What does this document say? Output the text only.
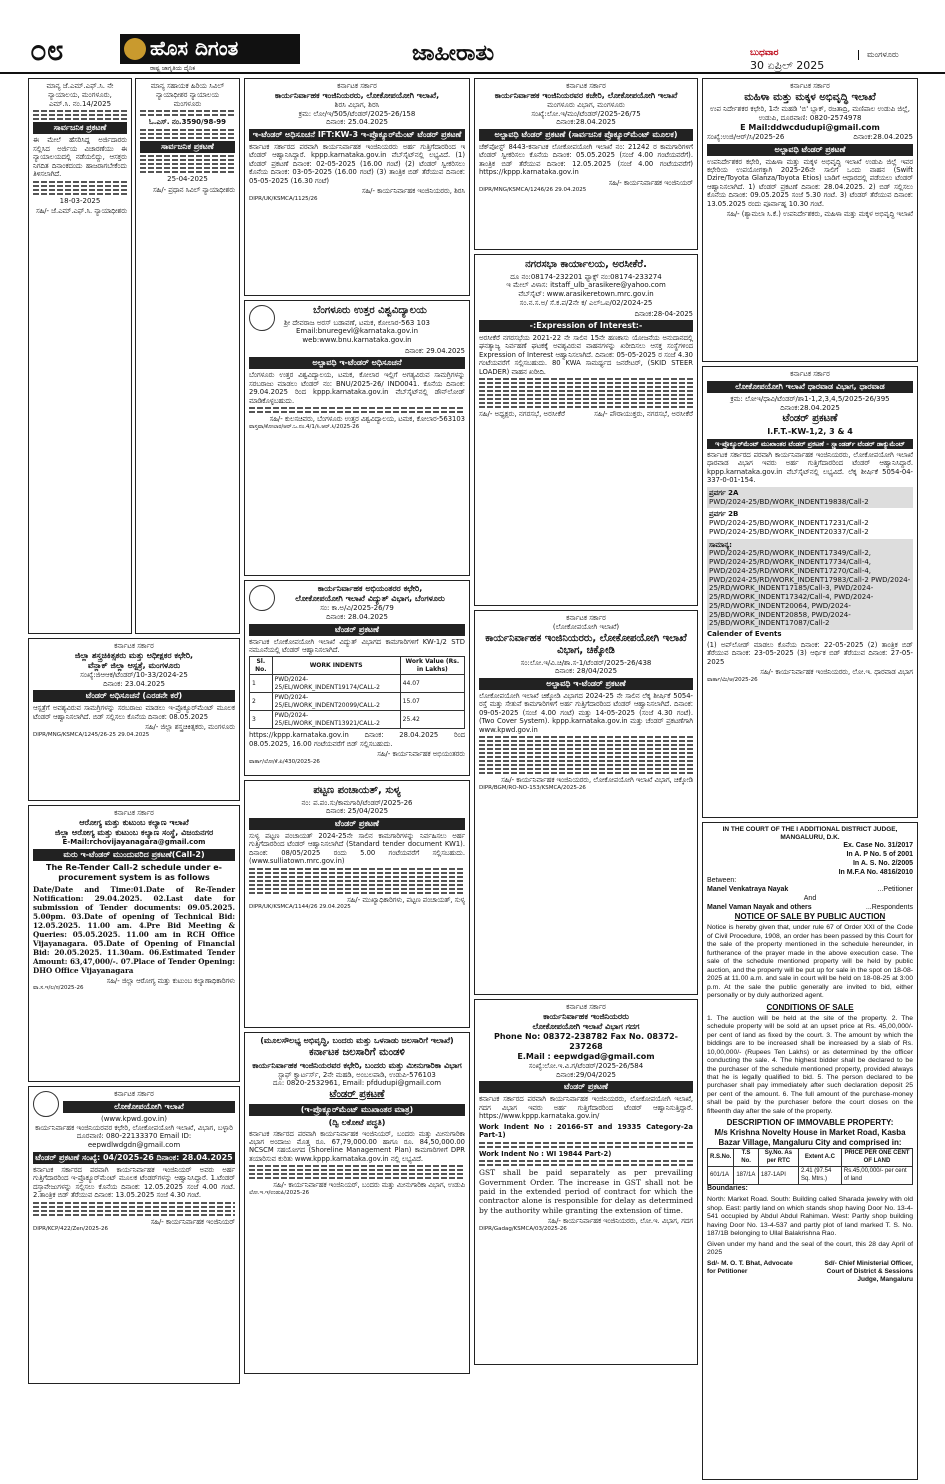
೦೮	ಹೊಸ ದಿಗಂತ
ರಾಷ್ಟ್ರ ಜಾಗೃತಿಯ ದೈನಿಕ
ಜಾಹೀರಾತು	ಬುಧವಾರ
30 ಏಪ್ರಿಲ್ 2025
ಮಂಗಳೂರು
ಮಾನ್ಯ ಜೆ.ಎಮ್.ಎಫ್.ಸಿ. ನೇ ನ್ಯಾಯಾಲಯ, ಮಂಗಳೂರು,
ಎಮ್.ಸಿ. ನಂ.14/2025
ಸಾರ್ವಜನಿಕ ಪ್ರಕಟಣೆ

ಈ ಮೇಲೆ ಹೆಸರಿಸಿದ್ದ ಅರ್ಜಿದಾರರು ಸಲ್ಲಿಸಿದ ಅರ್ಜಿಯ ವಿಚಾರಣೆಯು ಈ ನ್ಯಾಯಾಲಯದಲ್ಲಿ ನಡೆಯಲಿದ್ದು, ಆಸಕ್ತರು ನಿಗದಿತ ದಿನಾಂಕದಂದು ಹಾಜರಾಗಬೇಕೆಂದು ತಿಳಿಸಲಾಗಿದೆ.

18-03-2025
ಸಹಿ/- ಜೆ.ಎಮ್.ಎಫ್.ಸಿ. ನ್ಯಾಯಾಧೀಶರು
ಮಾನ್ಯ ಸಹಾಯಕ ಹಿರಿಯ ಸಿವಿಲ್ ನ್ಯಾಯಾಧೀಶರ ನ್ಯಾಯಾಲಯ
ಮಂಗಳೂರು
ಓ.ಎಸ್. ನಂ.3590/98-99
ಸಾರ್ವಜನಿಕ ಪ್ರಕಟಣೆ
25-04-2025
ಸಹಿ/- ಪ್ರಧಾನ ಸಿವಿಲ್ ನ್ಯಾಯಾಧೀಶರು
ಕರ್ನಾಟಕ ಸರ್ಕಾರ
ಜಿಲ್ಲಾ ಶಸ್ತ್ರಚಿಕಿತ್ಸಕರು ಮತ್ತು ಅಧೀಕ್ಷಕರ ಕಛೇರಿ,
ವೆನ್ಲಾಕ್ ಜಿಲ್ಲಾ ಆಸ್ಪತ್ರೆ, ಮಂಗಳೂರು
ಸಂಖ್ಯೆ:ಜಿಆಆಕ/ಟೆಂಡರ್/10-33/2024-25
ದಿನಾಂಕ: 23.04.2025
ಟೆಂಡರ್ ಅಧಿಸೂಚನೆ (ಎರಡನೇ ಕರೆ)

ಆಸ್ಪತ್ರೆಗೆ ಅವಶ್ಯವಿರುವ ಸಾಮಗ್ರಿಗಳನ್ನು ಸರಬರಾಜು ಮಾಡಲು ಇ-ಪ್ರೊಕ್ಯೂರ್‌ಮೆಂಟ್ ಮೂಲಕ ಟೆಂಡರ್ ಆಹ್ವಾನಿಸಲಾಗಿದೆ. ಬಿಡ್ ಸಲ್ಲಿಸಲು ಕೊನೆಯ ದಿನಾಂಕ: 08.05.2025

ಸಹಿ/- ಜಿಲ್ಲಾ ಶಸ್ತ್ರಚಿಕಿತ್ಸಕರು, ಮಂಗಳೂರು
DIPR/MNG/KSMCA/1245/26-25 29.04.2025
ಕರ್ನಾಟಕ ಸರ್ಕಾರ
ಆರೋಗ್ಯ ಮತ್ತು ಕುಟುಂಬ ಕಲ್ಯಾಣ ಇಲಾಖೆ
ಜಿಲ್ಲಾ ಆರೋಗ್ಯ ಮತ್ತು ಕುಟುಂಬ ಕಲ್ಯಾಣ ಸಂಸ್ಥೆ, ವಿಜಯನಗರ
E-Mail:rchovijayanagara@gmail.com
ಮರು ಇ-ಟೆಂಡರ್ ಮುಂದುವರಿದ ಪ್ರಕಟಣೆ(Call-2)
The Re-Tender Call-2 schedule under e-procurement system is as follows

Date/Date and Time:01.Date of Re-Tender Notification: 29.04.2025. 02.Last date for submission of Tender documents: 09.05.2025. 5.00pm. 03.Date of opening of Technical Bid: 12.05.2025. 11.00 am. 4.Pre Bid Meeting & Queries: 05.05.2025. 11.00 am in RCH Office Vijayanagara. 05.Date of Opening of Financial Bid: 20.05.2025. 11.30am. 06.Estimated Tender Amount: 63,47,000/-. 07.Place of Tender Opening: DHO Office Vijayanagara

ಸಹಿ/- ಜಿಲ್ಲಾ ಆರೋಗ್ಯ ಮತ್ತು ಕುಟುಂಬ ಕಲ್ಯಾಣಾಧಿಕಾರಿಗಳು
ವಾ.ಸ.ಇ/ಲ/ಸ/2025-26
ಕರ್ನಾಟಕ ಸರ್ಕಾರ
ಲೋಕೋಪಯೋಗಿ ಇಲಾಖೆ
(www.kpwd.gov.in)
ಕಾರ್ಯನಿರ್ವಾಹಕ ಇಂಜಿನಿಯರವರ ಕಛೇರಿ, ಲೋಕೋಪಯೋಗಿ ಇಲಾಖೆ, ವಿಭಾಗ, ಬಳ್ಳಾರಿ
ದೂರವಾಣಿ: 080-22133370 Email ID: eepwdlwdgdn@gmail.com
ಟೆಂಡರ್ ಪ್ರಕಟಣೆ ಸಂಖ್ಯೆ: 04/2025-26 ದಿನಾಂಕ: 28.04.2025

ಕರ್ನಾಟಕ ಸರ್ಕಾರದ ಪರವಾಗಿ ಕಾರ್ಯನಿರ್ವಾಹಕ ಇಂಜಿನಿಯರ್ ಅವರು ಅರ್ಹ ಗುತ್ತಿಗೆದಾರರಿಂದ ಇ-ಪ್ರೊಕ್ಯೂರ್‌ಮೆಂಟ್ ಮೂಲಕ ಟೆಂಡರ್‌ಗಳನ್ನು ಆಹ್ವಾನಿಸಿದ್ದಾರೆ. 1.ಟೆಂಡರ್ ದಸ್ತಾವೇಜುಗಳನ್ನು ಸಲ್ಲಿಸಲು ಕೊನೆಯ ದಿನಾಂಕ: 12.05.2025 ಸಂಜೆ 4.00 ಗಂಟೆ. 2.ತಾಂತ್ರಿಕ ಬಿಡ್ ತೆರೆಯುವ ದಿನಾಂಕ: 13.05.2025 ಸಂಜೆ 4.30 ಗಂಟೆ.

ಸಹಿ/- ಕಾರ್ಯನಿರ್ವಾಹಕ ಇಂಜಿನಿಯರ್
DIPR/KCP/422/Zen/2025-26
ಕರ್ನಾಟಕ ಸರ್ಕಾರ
ಕಾರ್ಯನಿರ್ವಾಹಕ ಇಂಜಿನಿಯರರು, ಲೋಕೋಪಯೋಗಿ ಇಲಾಖೆ,
ಶಿರಸಿ ವಿಭಾಗ, ಶಿರಸಿ
ಕ್ರಮ: ಲೋ/ಇ/505/ಟೆಂಡರ್/2025-26/158
ದಿನಾಂಕ: 25.04.2025
ಇ-ಟೆಂಡರ್ ಅಧಿಸೂಚನೆ IFT:KW-3 ಇ-ಪ್ರೊಕ್ಯೂರ್‌ಮೆಂಟ್ ಟೆಂಡರ್ ಪ್ರಕಟಣೆ

ಕರ್ನಾಟಕ ಸರ್ಕಾರದ ಪರವಾಗಿ ಕಾರ್ಯನಿರ್ವಾಹಕ ಇಂಜಿನಿಯರರು ಅರ್ಹ ಗುತ್ತಿಗೆದಾರರಿಂದ ಇ ಟೆಂಡರ್ ಆಹ್ವಾನಿಸಿದ್ದಾರೆ. kppp.karnataka.gov.in ವೆಬ್‌ಸೈಟ್‌ನಲ್ಲಿ ಲಭ್ಯವಿದೆ. (1) ಟೆಂಡರ್ ಪ್ರಕಟಣೆ ದಿನಾಂಕ: 02-05-2025 (16.00 ಗಂಟೆ) (2) ಟೆಂಡರ್ ಸ್ವೀಕರಿಸಲು ಕೊನೆಯ ದಿನಾಂಕ: 03-05-2025 (16.00 ಗಂಟೆ) (3) ತಾಂತ್ರಿಕ ಬಿಡ್ ತೆರೆಯುವ ದಿನಾಂಕ: 05-05-2025 (16.30 ಗಂಟೆ)

ಸಹಿ/- ಕಾರ್ಯನಿರ್ವಾಹಕ ಇಂಜಿನಿಯರರು, ಶಿರಸಿ
DIPR/UK/KSMCA/1125/26
ಬೆಂಗಳೂರು ಉತ್ತರ ವಿಶ್ವವಿದ್ಯಾಲಯ
ಶ್ರೀ ದೇವರಾಜ ಅರಸ್ ಬಡಾವಣೆ, ಟಮಕ, ಕೋಲಾರ-563 103
Email:bnuregevl@karnataka.gov.in
web:www.bnu.karnataka.gov.in
ದಿನಾಂಕ: 29.04.2025
ಅಲ್ಪಾವಧಿ ಇ-ಟೆಂಡರ್ ಅಧಿಸೂಚನೆ

ಬೆಂಗಳೂರು ಉತ್ತರ ವಿಶ್ವವಿದ್ಯಾಲಯ, ಟಮಕ, ಕೋಲಾರ ಇಲ್ಲಿಗೆ ಅಗತ್ಯವಿರುವ ಸಾಮಗ್ರಿಗಳನ್ನು ಸರಬರಾಜು ಮಾಡಲು ಟೆಂಡರ್ ನಂ: BNU/2025-26/ IND0041. ಕೊನೆಯ ದಿನಾಂಕ: 29.04.2025 ರಿಂದ kppp.karnataka.gov.in ವೆಬ್‌ಸೈಟ್‌ನಲ್ಲಿ ಡೌನ್‌ಲೋಡ್ ಮಾಡಿಕೊಳ್ಳಬಹುದು.

ಸಹಿ/- ಕುಲಸಚಿವರು, ಬೆಂಗಳೂರು ಉತ್ತರ ವಿಶ್ವವಿದ್ಯಾಲಯ, ಟಮಕ, ಕೋಲಾರ-563103
ವಾಸ್ತವಾ/ಕೋಲಾರ/ಆರ್.ಒ.ನಂ.4/1/ಸಿ.ಆರ್.ಸಿ/2025-26
ಕಾರ್ಯನಿರ್ವಾಹಕ ಅಭಿಯಂತರರ ಕಛೇರಿ,
ಲೋಕೋಪಯೋಗಿ ಇಲಾಖೆ ವಿದ್ಯುತ್ ವಿಭಾಗ, ಬೆಂಗಳೂರು
ಸಂ: ಕಾ.ಅ/ವಿ/2025-26/79
ದಿನಾಂಕ: 28.04.2025
ಟೆಂಡರ್ ಪ್ರಕಟಣೆ

ಕರ್ನಾಟಕ ಲೋಕೋಪಯೋಗಿ ಇಲಾಖೆ ವಿದ್ಯುತ್ ವಿಭಾಗದ ಕಾಮಗಾರಿಗಳಿಗೆ KW-1/2 STD ನಮೂನೆಯಲ್ಲಿ ಟೆಂಡರ್ ಆಹ್ವಾನಿಸಲಾಗಿದೆ.

Sl. No.	WORK INDENTS	Work Value (Rs. in Lakhs)
1	PWD/2024-25/EL/WORK_INDENT19174/CALL-2	44.07
2	PWD/2024-25/EL/WORK_INDENT20099/CALL-2	15.07
3	PWD/2024-25/EL/WORK_INDENT13921/CALL-2	25.42

https://kppp.karnataka.gov.in ದಿನಾಂಕ: 28.04.2025 ರಿಂದ 08.05.2025, 16.00 ಗಂಟೆಯವರೆಗೆ ಬಿಡ್ ಸಲ್ಲಿಸಬಹುದು.

ಸಹಿ/- ಕಾರ್ಯನಿರ್ವಾಹಕ ಅಭಿಯಂತರರು
ವಾರ್ತಾ/ಲೋ/ಕೆ.ಪಿ/430/2025-26
ಪಟ್ಟಣ ಪಂಚಾಯತ್, ಸುಳ್ಯ
ನಂ: ಪ.ಪಂ.ಸು/ಕಾಮಗಾರಿ/ಟೆಂಡರ್/2025-26
ದಿನಾಂಕ: 25/04/2025
ಟೆಂಡರ್ ಪ್ರಕಟಣೆ

ಸುಳ್ಯ ಪಟ್ಟಣ ಪಂಚಾಯತ್ 2024-25ನೇ ಸಾಲಿನ ಕಾಮಗಾರಿಗಳನ್ನು ನಿರ್ವಹಿಸಲು ಅರ್ಹ ಗುತ್ತಿಗೆದಾರರಿಂದ ಟೆಂಡರ್ ಆಹ್ವಾನಿಸಲಾಗಿದೆ (Standard tender document KW1). ದಿನಾಂಕ: 08/05/2025 ರಂದು 5.00 ಗಂಟೆಯವರೆಗೆ ಸಲ್ಲಿಸಬಹುದು. (www.sulliatown.mrc.gov.in)

ಸಹಿ/- ಮುಖ್ಯಾಧಿಕಾರಿಗಳು, ಪಟ್ಟಣ ಪಂಚಾಯತ್, ಸುಳ್ಯ
DIPR/UK/KSMCA/1144/26 29.04.2025
(ಮೂಲಸೌಲಭ್ಯ ಅಭಿವೃದ್ಧಿ, ಬಂದರು ಮತ್ತು ಒಳನಾಡು ಜಲಸಾರಿಗೆ ಇಲಾಖೆ)
ಕರ್ನಾಟಕ ಜಲಸಾರಿಗೆ ಮಂಡಳಿ
ಕಾರ್ಯನಿರ್ವಾಹಕ ಇಂಜಿನಿಯರವರ ಕಛೇರಿ, ಬಂದರು ಮತ್ತು ಮೀನುಗಾರಿಕಾ ವಿಭಾಗ
ಸ್ಟಾಫ್ ಕ್ವಾರ್ಟರ್ಸ್, 2ನೇ ಮಹಡಿ, ಅಂಬಲಪಾಡಿ, ಉಡುಪಿ-576103
ದೂ: 0820-2532961, Email: pfdudupi@gmail.com
ಟೆಂಡರ್ ಪ್ರಕಟಣೆ
(ಇ-ಪ್ರೊಕ್ಯೂರ್‌ಮೆಂಟ್ ಮುಖಾಂತರ ಮಾತ್ರ)
(ದ್ವಿ ಲಕೋಟೆ ಪದ್ಧತಿ)

ಕರ್ನಾಟಕ ಸರ್ಕಾರದ ಪರವಾಗಿ ಕಾರ್ಯನಿರ್ವಾಹಕ ಇಂಜಿನಿಯರ್, ಬಂದರು ಮತ್ತು ಮೀನುಗಾರಿಕಾ ವಿಭಾಗ ಅಂದಾಜು ಮೊತ್ತ ರೂ. 67,79,000.00 ಹಾಗೂ ರೂ. 84,50,000.00 NCSCM ಸಹಯೋಗದ (Shoreline Management Plan) ಕಾಮಗಾರಿಗಳಿಗೆ DPR ತಯಾರಿಸುವ ಕುರಿತು www.kppp.karnataka.gov.in ನಲ್ಲಿ ಲಭ್ಯವಿದೆ.

ಸಹಿ/- ಕಾರ್ಯನಿರ್ವಾಹಕ ಇಂಜಿನಿಯರ್, ಬಂದರು ಮತ್ತು ಮೀನುಗಾರಿಕಾ ವಿಭಾಗ, ಉಡುಪಿ
ಲೋ.ಇ.ಇ/ಉಡುಪಿ/2025-26
ಕರ್ನಾಟಕ ಸರ್ಕಾರ
ಕಾರ್ಯನಿರ್ವಾಹಕ ಇಂಜಿನಿಯರವರ ಕಚೇರಿ, ಲೋಕೋಪಯೋಗಿ ಇಲಾಖೆ
ಮಂಗಳೂರು ವಿಭಾಗ, ಮಂಗಳೂರು
ಸಂಖ್ಯೆ:ಲೋ.ಇ/ಮಂ/ಟೆಂಡರ್/2025-26/75
ದಿನಾಂಕ:28.04.2025
ಅಲ್ಪಾವಧಿ ಟೆಂಡರ್ ಪ್ರಕಟಣೆ (ಸಾರ್ವಜನಿಕ ಪ್ರೊಕ್ಯೂರ್‌ಮೆಂಟ್ ಮೂಲಕ)

ಚೆಕ್‌ಪೋಸ್ಟ್ 8443-ಕರ್ನಾಟಕ ಲೋಕೋಪಯೋಗಿ ಇಲಾಖೆ ನಂ: 21242 ರ ಕಾಮಗಾರಿಗಳಿಗೆ ಟೆಂಡರ್ ಸ್ವೀಕರಿಸಲು ಕೊನೆಯ ದಿನಾಂಕ: 05.05.2025 (ಸಂಜೆ 4.00 ಗಂಟೆಯವರೆಗೆ). ತಾಂತ್ರಿಕ ಬಿಡ್ ತೆರೆಯುವ ದಿನಾಂಕ: 12.05.2025 (ಸಂಜೆ 4.00 ಗಂಟೆಯವರೆಗೆ) https://kppp.karnataka.gov.in

ಸಹಿ/- ಕಾರ್ಯನಿರ್ವಾಹಕ ಇಂಜಿನಿಯರ್
DIPR/MNG/KSMCA/1246/26 29.04.2025
ನಗರಸಭಾ ಕಾರ್ಯಾಲಯ, ಅರಸೀಕೆರೆ.
ದೂ ನಂ:08174-232201 ಫ್ಯಾಕ್ಸ್ ನಂ:08174-233274
ಇ ಮೇಲ್ ವಿಳಾಸ: itstaff_ulb_arasikere@yahoo.com
ವೆಬ್‌ಸೈಟ್: www.arasikeretown.mrc.gov.in
ಸಂ.ನ.ಸ.ಅ/ ಸೆ.ಕ.ಪ/2ನೇ ಕ/ ಎಲ್ಒಐ/02/2024-25
ದಿನಾಂಕ:28-04-2025
-:Expression of Interest:-

ಅರಸೀಕೆರೆ ನಗರಸಭೆಯ 2021-22 ನೇ ಸಾಲಿನ 15ನೇ ಹಣಕಾಸು ಯೋಜನೆಯ ಅನುದಾನದಲ್ಲಿ ಘನತ್ಯಾಜ್ಯ ನಿರ್ವಹಣೆ ಘಟಕಕ್ಕೆ ಅವಶ್ಯವಿರುವ ವಾಹನಗಳನ್ನು ಖರೀದಿಸಲು ಆಸಕ್ತ ಸಂಸ್ಥೆಗಳಿಂದ Expression of Interest ಆಹ್ವಾನಿಸಲಾಗಿದೆ. ದಿನಾಂಕ: 05-05-2025 ರ ಸಂಜೆ 4.30 ಗಂಟೆಯವರೆಗೆ ಸಲ್ಲಿಸಬಹುದು. 80 KWA ಸಾಮರ್ಥ್ಯದ ಜನರೇಟರ್, (SKID STEER LOADER) ವಾಹನ ಖರೀದಿ.

ಸಹಿ/- ಅಧ್ಯಕ್ಷರು, ನಗರಸಭೆ, ಅರಸೀಕೆರೆ	ಸಹಿ/- ಪೌರಾಯುಕ್ತರು, ನಗರಸಭೆ, ಅರಸೀಕೆರೆ
ಕರ್ನಾಟಕ ಸರ್ಕಾರ
(ಲೋಕೋಪಯೋಗಿ ಇಲಾಖೆ)
ಕಾರ್ಯನಿರ್ವಾಹಕ ಇಂಜಿನಿಯರರು, ಲೋಕೋಪಯೋಗಿ ಇಲಾಖೆ ವಿಭಾಗ, ಚಿಕ್ಕೋಡಿ
ಸಂ:ಲೋ.ಇ/ವಿ.ಚಿ/ಶಾ.ಸ-1/ಟೆಂಡರ್/2025-26/438
ದಿನಾಂಕ: 28/04/2025
ಅಲ್ಪಾವಧಿ ಇ-ಟೆಂಡರ್ ಪ್ರಕಟಣೆ

ಲೋಕೋಪಯೋಗಿ ಇಲಾಖೆ ಚಿಕ್ಕೋಡಿ ವಿಭಾಗದ 2024-25 ನೇ ಸಾಲಿನ ಲೆಕ್ಕ ಶೀರ್ಷಿಕೆ 5054-ರಸ್ತೆ ಮತ್ತು ಸೇತುವೆ ಕಾಮಗಾರಿಗಳಿಗೆ ಅರ್ಹ ಗುತ್ತಿಗೆದಾರರಿಂದ ಟೆಂಡರ್ ಆಹ್ವಾನಿಸಲಾಗಿದೆ. ದಿನಾಂಕ: 09-05-2025 (ಸಂಜೆ 4.00 ಗಂಟೆ) ಮತ್ತು 14-05-2025 (ಸಂಜೆ 4.30 ಗಂಟೆ). (Two Cover System). kppp.karnataka.gov.in ಮತ್ತು ಚೆಂಡರ್ ಪ್ರಕಟಣೆಗಾಗಿ www.kpwd.gov.in

ಸಹಿ/- ಕಾರ್ಯನಿರ್ವಾಹಕ ಇಂಜಿನಿಯರರು, ಲೋಕೋಪಯೋಗಿ ಇಲಾಖೆ ವಿಭಾಗ, ಚಿಕ್ಕೋಡಿ
DIPR/BGM/RO-NO-153/KSMCA/2025-26
ಕರ್ನಾಟಕ ಸರ್ಕಾರ
ಕಾರ್ಯನಿರ್ವಾಹಕ ಇಂಜಿನಿಯರರು
ಲೋಕೋಪಯೋಗಿ ಇಲಾಖೆ ವಿಭಾಗ ಗದಗ
Phone No: 08372-238782 Fax No. 08372-237268
E.Mail : eepwdgad@gmail.com
ಸಂಖ್ಯೆ:ಲೋ.ಇ.ವಿ.ಗ/ಟೆಂಡರ್/2025-26/584
ದಿನಾಂಕ:29/04/2025
ಟೆಂಡರ್ ಪ್ರಕಟಣೆ

ಕರ್ನಾಟಕ ಸರ್ಕಾರದ ಪರವಾಗಿ ಕಾರ್ಯನಿರ್ವಾಹಕ ಇಂಜಿನಿಯರರು, ಲೋಕೋಪಯೋಗಿ ಇಲಾಖೆ, ಗದಗ ವಿಭಾಗ ಇವರು ಅರ್ಹ ಗುತ್ತಿಗೆದಾರರಿಂದ ಟೆಂಡರ್ ಆಹ್ವಾನಿಸುತ್ತಿದ್ದಾರೆ. https://www.kppp.karnataka.gov.in/

Work Indent No : 20166-ST and 19335 Category-2a Part-1)

Work Indent No : WI 19844 Part-2)

GST shall be paid separately as per prevailing Government Order. The increase in GST shall not be paid in the extended period of contract for which the contractor alone is responsible for delay as determined by the authority while granting the extension of time.

ಸಹಿ/- ಕಾರ್ಯನಿರ್ವಾಹಕ ಇಂಜಿನಿಯರರು, ಲೋ.ಇ. ವಿಭಾಗ, ಗದಗ
DIPR/Gadag/KSMCA/03/2025-26
ಕರ್ನಾಟಕ ಸರ್ಕಾರ
ಮಹಿಳಾ ಮತ್ತು ಮಕ್ಕಳ ಅಭಿವೃದ್ಧಿ ಇಲಾಖೆ
ಉಪ ನಿರ್ದೇಶಕರ ಕಛೇರಿ, 1ನೇ ಮಹಡಿ 'ಬಿ' ಬ್ಲಾಕ್, ರಜತಾದ್ರಿ, ಮಣಿಪಾಲ ಉಡುಪಿ ಜಿಲ್ಲೆ, ಉಡುಪಿ, ದೂರವಾಣಿ: 0820-2574978
E Mail:ddwcdudupi@gmail.com
ಸಂಖ್ಯೆ:ಉಜಿ/ಆರ್/ಸಿ/2025-26	ದಿನಾಂಕ:28.04.2025
ಅಲ್ಪಾವಧಿ ಟೆಂಡರ್ ಪ್ರಕಟಣೆ

ಉಪನಿರ್ದೇಶಕರ ಕಛೇರಿ, ಮಹಿಳಾ ಮತ್ತು ಮಕ್ಕಳ ಅಭಿವೃದ್ಧಿ ಇಲಾಖೆ ಉಡುಪಿ ಜಿಲ್ಲೆ ಇವರ ಕಛೇರಿಯ ಉಪಯೋಗಕ್ಕಾಗಿ 2025-26ನೇ ಸಾಲಿಗೆ ಒಂದು ವಾಹನ (Swift Dzire/Toyota Glanza/Toyota Etios) ಬಾಡಿಗೆ ಆಧಾರದಲ್ಲಿ ಪಡೆಯಲು ಟೆಂಡರ್ ಆಹ್ವಾನಿಸಲಾಗಿದೆ. 1) ಟೆಂಡರ್ ಪ್ರಕಟಣೆ ದಿನಾಂಕ: 28.04.2025. 2) ಬಿಡ್ ಸಲ್ಲಿಸಲು ಕೊನೆಯ ದಿನಾಂಕ: 09.05.2025 ಸಂಜೆ 5.30 ಗಂಟೆ. 3) ಟೆಂಡರ್ ತೆರೆಯುವ ದಿನಾಂಕ: 13.05.2025 ರಂದು ಪೂರ್ವಾಹ್ನ 10.30 ಗಂಟೆ.

ಸಹಿ/- (ಶ್ಯಾಮಲಾ ಸಿ.ಕೆ.) ಉಪನಿರ್ದೇಶಕರು, ಮಹಿಳಾ ಮತ್ತು ಮಕ್ಕಳ ಅಭಿವೃದ್ಧಿ ಇಲಾಖೆ
ಕರ್ನಾಟಕ ಸರ್ಕಾರ
ಲೋಕೋಪಯೋಗಿ ಇಲಾಖೆ ಧಾರವಾಡ ವಿಭಾಗ, ಧಾರವಾಡ
ಕ್ರಮ: ಲೋಇ/ಧಾವಿ/ಟೆಂಡರ್/ಶಾ1-1,2,3,4,5/2025-26/395
ದಿನಾಂಕ:28.04.2025
ಟೆಂಡರ್ ಪ್ರಕಟಣೆ
I.F.T.-KW-1,2, 3 & 4
ಇ-ಪ್ರೊಕ್ಯೂರ್‌ಮೆಂಟ್ ಮುಖಾಂತರ ಟೆಂಡರ್ ಪ್ರಕಟಣೆ - ಸ್ಟ್ಯಾಂಡರ್ಡ್ ಟೆಂಡರ್ ಡಾಕ್ಯುಮೆಂಟ್

ಕರ್ನಾಟಕ ಸರ್ಕಾರದ ಪರವಾಗಿ ಕಾರ್ಯನಿರ್ವಾಹಕ ಇಂಜಿನಿಯರರು, ಲೋಕೋಪಯೋಗಿ ಇಲಾಖೆ ಧಾರವಾಡ ವಿಭಾಗ ಇವರು ಅರ್ಹ ಗುತ್ತಿಗೆದಾರರಿಂದ ಟೆಂಡರ್ ಆಹ್ವಾನಿಸಿದ್ದಾರೆ. kppp.karnataka.gov.in ವೆಬ್‌ಸೈಟ್‌ನಲ್ಲಿ ಲಭ್ಯವಿದೆ. ಲೆಕ್ಕ ಶೀರ್ಷಿಕೆ 5054-04-337-0-01-154.

ಪ್ರವರ್ಗ 2A
PWD/2024-25/BD/WORK_INDENT19838/Call-2
ಪ್ರವರ್ಗ 2B
PWD/2024-25/BD/WORK_INDENT17231/Call-2
PWD/2024-25/BD/WORK_INDENT20337/Call-2
ಸಾಮಾನ್ಯ:
PWD/2024-25/RD/WORK_INDENT17349/Call-2, PWD/2024-25/RD/WORK_INDENT17734/Call-4, PWD/2024-25/RD/WORK_INDENT17270/Call-4, PWD/2024-25/RD/WORK_INDENT17983/Call-2 PWD/2024-25/RD/WORK_INDENT17185/Call-3, PWD/2024-25/RD/WORK_INDENT17342/Call-4, PWD/2024-25/RD/WORK_INDENT20064, PWD/2024-25/BD/WORK_INDENT20858, PWD/2024-25/BD/WORK_INDENT17087/Call-2
Calender of Events

(1) ಅಪ್‌ಲೋಡ್ ಮಾಡಲು ಕೊನೆಯ ದಿನಾಂಕ: 22-05-2025 (2) ತಾಂತ್ರಿಕ ಬಿಡ್ ತೆರೆಯುವ ದಿನಾಂಕ: 23-05-2025 (3) ಆರ್ಥಿಕ ಬಿಡ್ ತೆರೆಯುವ ದಿನಾಂಕ: 27-05-2025

ಸಹಿ/- ಕಾರ್ಯನಿರ್ವಾಹಕ ಇಂಜಿನಿಯರರು, ಲೋ.ಇ. ಧಾರವಾಡ ವಿಭಾಗ
ವಾರ್ತಾ/ಮಿ/ಆ/2025-26
IN THE COURT OF THE I ADDITIONAL DISTRICT JUDGE, MANGALURU, D.K.
Ex. Case No. 31/2017
In A. P No. 5 of 2001
In A. S. No. 2/2005
In M.F.A No. 4816/2010
Between:
Manel Venkatraya Nayak	...Petitioner
And
Manel Vaman Nayak and others	...Respondents
NOTICE OF SALE BY PUBLIC AUCTION

Notice is hereby given that, under rule 67 of Order XXI of the Code of Civil Procedure, 1908, an order has been passed by this Court for the sale of the property mentioned in the schedule hereunder, in furtherance of the prayer made in the above execution case. The sale of the schedule mentioned property will be held by public auction, and the property will be put up for sale in the spot on 18-08-2025 at 11.00 a.m. and sale in court will be held on 18-08-25 at 3:00 p.m. At the sale the public generally are invited to bid, either personally or by duly authorized agent.

CONDITIONS OF SALE

1. The auction will be held at the site of the property. 2. The schedule property will be sold at an upset price at Rs. 45,00,000/- per cent of land as fixed by the court. 3. The amount by which the biddings are to be increased shall be increased by a slab of Rs. 10,00,000/- (Rupees Ten Lakhs) or as determined by the officer conducting the sale. 4. The highest bidder shall be declared to be the purchaser of the schedule mentioned property, provided always that he is legally qualified to bid. 5. The person declared to be purchaser shall pay immediately after such declaration deposit 25 per cent of the amount. 6. The full amount of the purchase-money shall be paid by the purchaser before the court closes on the fifteenth day after the sale of the property.

DESCRIPTION OF IMMOVABLE PROPERTY:
M/s Krishna Novelty House in Market Road, Kasba Bazar Village, Mangaluru City and comprised in:
R.S.No.	T.S No.	Sy.No. As per RTC	Extent A.C	PRICE PER ONE CENT OF LAND
601/1A	187/1A	187-1API	2.41 (97.54 Sq. Mtrs.)	Rs.45,00,000/- per cent of land
Boundaries:

North: Market Road. South: Building called Sharada jewelry with old shop. East: partly land on which stands shop having Door No. 13-4-541 occupied by Abdul Abdul Rahiman. West: Partly shop building having Door No. 13-4-537 and partly plot of land marked T. S. No. 187/1B belonging to Ullal Balakrishna Rao.

Given under my hand and the seal of the court, this 28 day April of 2025

Sd/- M. O. T. Bhat, Advocate for Petitioner
Sd/- Chief Ministerial Officer, Court of District & Sessions Judge, Mangaluru
